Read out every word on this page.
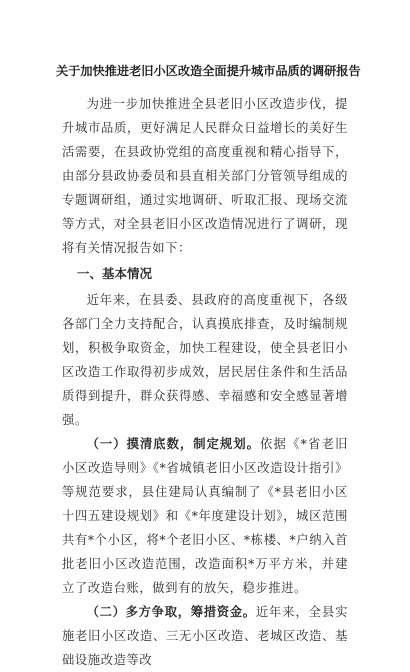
关于加快推进老旧小区改造全面提升城市品质的调研报告

为进一步加快推进全县老旧小区改造步伐，提升城市品质，更好满足人民群众日益增长的美好生活需要，在县政协党组的高度重视和精心指导下，由部分县政协委员和县直相关部门分管领导组成的专题调研组，通过实地调研、听取汇报、现场交流等方式，对全县老旧小区改造情况进行了调研，现将有关情况报告如下：

一、基本情况

近年来，在县委、县政府的高度重视下，各级各部门全力支持配合，认真摸底排查，及时编制规划，积极争取资金，加快工程建设，使全县老旧小区改造工作取得初步成效，居民居住条件和生活品质得到提升，群众获得感、幸福感和安全感显著增强。

（一）摸清底数，制定规划。依据《*省老旧小区改造导则》《*省城镇老旧小区改造设计指引》等规范要求，县住建局认真编制了《*县老旧小区十四五建设规划》和《*年度建设计划》，城区范围共有*个小区，将*个老旧小区、*栋楼、*户纳入首批老旧小区改造范围，改造面积*万平方米，并建立了改造台账，做到有的放矢，稳步推进。

（二）多方争取，筹措资金。近年来，全县实施老旧小区改造、三无小区改造、老城区改造、基础设施改造等改
